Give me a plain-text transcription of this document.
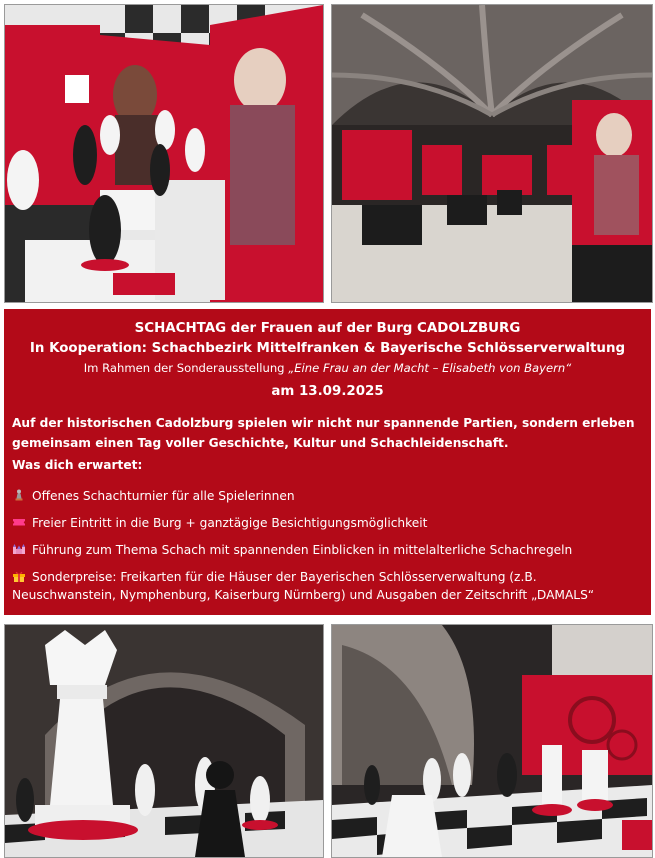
SCHACHTAG der Frauen auf der Burg CADOLZBURG
In Kooperation: Schachbezirk Mittelfranken & Bayerische Schlösserverwaltung
Im Rahmen der Sonderausstellung „Eine Frau an der Macht – Elisabeth von Bayern“
am 13.09.2025
Auf der historischen Cadolzburg spielen wir nicht nur spannende Partien, sondern erleben gemeinsam einen Tag voller Geschichte, Kultur und Schachleidenschaft.
Was dich erwartet:
Offenes Schachturnier für alle Spielerinnen
Freier Eintritt in die Burg + ganztägige Besichtigungsmöglichkeit
Führung zum Thema Schach mit spannenden Einblicken in mittelalterliche Schachregeln
Sonderpreise: Freikarten für die Häuser der Bayerischen Schlösserverwaltung (z.B. Neuschwanstein, Nymphenburg, Kaiserburg Nürnberg) und Ausgaben der Zeitschrift „DAMALS“
